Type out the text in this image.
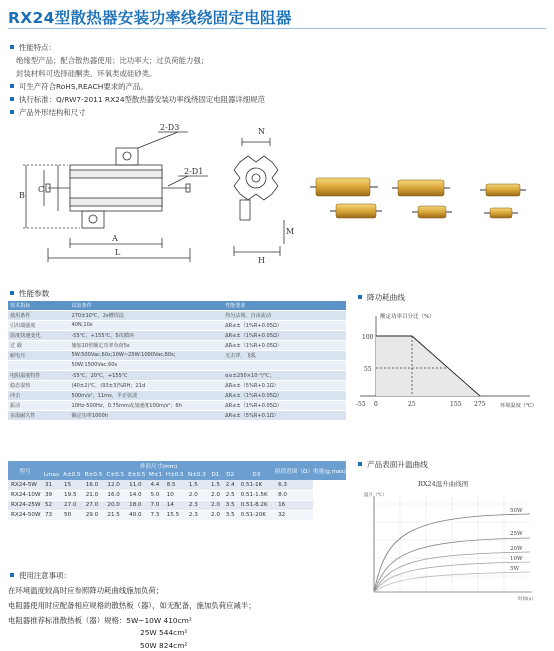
RX24型散热器安装功率线绕固定电阻器
性能特点：
绝缘型产品；配合散热器使用；比功率大；过负荷能力强；
封装材料可选择硅酮类、环氧类或硅砂类。
可生产符合RoHS,REACH要求的产品。
执行标准：Q/RW7-2011 RX24型散热器安装功率线绕固定电阻器详细规范
产品外形结构和尺寸
2-D3
2-D1
A
L
B
C
N
M
H
性能参数
技术指标	试验条件	性能要求
使用条件	270±10℃，2s槽焊法	均匀沾锡，自由流动
引出端强度	40N,10s	ΔR≤±（1%R+0.05Ω）
温度快速变化	-55℃，+155℃，5次循环	ΔR≤±（1%R+0.05Ω）
过 载	施加10倍额定功率负荷5s	ΔR≤±（1%R+0.05Ω）
耐电压	5W:500Vac,60s;10W~25W:1000Vac,60s;	无击穿，飞弧
	50W:1500Vac,60s	
电阻温度特性	-55℃，20℃，+155℃	α≤±250×10⁻⁶/℃；
稳态湿热	(40±2)℃，(93±3)%RH；21d	ΔR≤±（5%R+0.1Ω）
冲击	500m/s²，11ms，半正弦波	ΔR≤±（1%R+0.05Ω）
振动	10Hz-500Hz，0.75mm或加速度100m/s²；6h	ΔR≤±（1%R+0.05Ω）
室温耐久性	额定功率1000h	ΔR≤±（5%R+0.1Ω）
型号	外形尺寸(mm)											阻值范围（Ω）	重量(g,max)
	Lmax	A±0.5	B±0.5	C±0.5	E±0.5	M±1	H±0.5	N±0.3	D1	D2	D3		
RX24-5W	31	15	16.0	12.0	11.0	4.4	8.5	1.5	1.5	2.4	0.51-1K	6.3	
RX24-10W	39	19.5	21.0	16.0	14.0	5.0	10	2.0	2.0	2.5	0.51-1.5K	8.0	
RX24-25W	52	27.0	27.0	20.0	18.0	7.0	14	2.3	2.0	3.5	0.51-8.2K	16	
RX24-50W	73	50	29.0	21.5	40.0	7.3	15.5	2.3	2.0	3.5	0.51-20K	32	
降功耗曲线
额定功率百分比（%）
100
55
-55 0	25	155 275	环境温度（℃）
产品表面升温曲线
RX24温升曲线图
温升（℃）
50W
25W
20W
10W
5W
时间(s)
使用注意事项：
在环境温度较高时应参照降功耗曲线施加负荷；
电阻器使用时应配备相应规格的散热板（器），如无配备，施加负荷应减半；
电阻器推荐标准散热板（器）规格：5W~10W 410cm²
25W 544cm²
50W 824cm²
